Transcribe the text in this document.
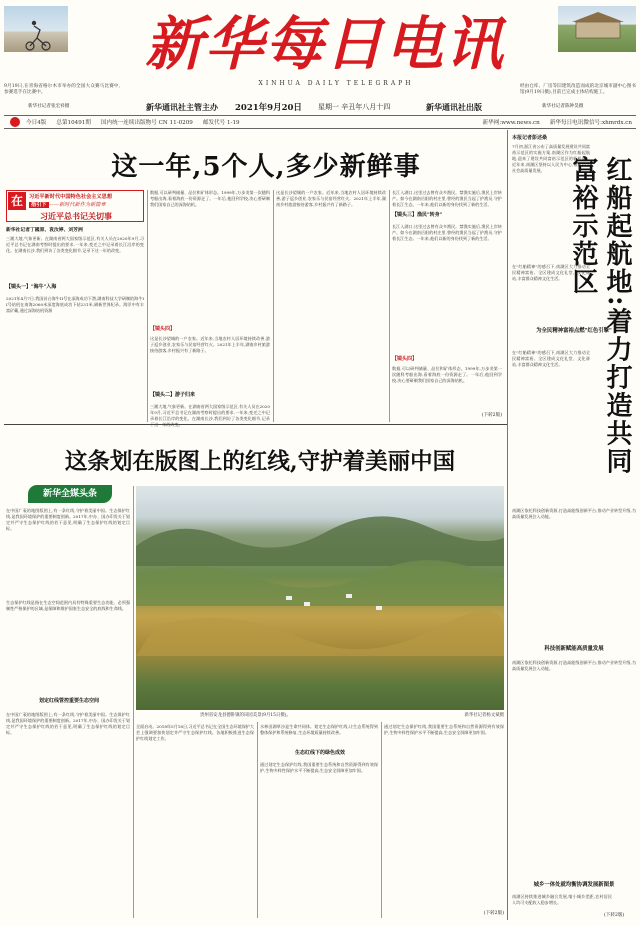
9月19日,在青海省格尔木市举办的全国大众赛马比赛中,参赛选手在比赛中。
新华社记者张宏祥摄
新华每日电讯
XINHUA DAILY TELEGRAPH
新华通讯社主管主办 2021年9月20日 星期一 辛丑年八月十四	新华通讯社出版
经由仓库、厂房等旧建筑改造而成的北京城市副中心图书馆(9月19日摄),目前已完成主体结构施工。
新华社记者陈钟昊摄
今日4版 总第10491期 国内统一连续出版物号 CN 11-0209 邮发代号 1-19	新华网:www.news.cn 新华每日电讯微信号:xhmrdx.cn
这一年,5个人,多少新鲜事
在	习近平新时代中国特色社会主义思想
指引下 ——新时代新作为新篇章
习近平总书记关切事
新华社记者丁國原、袁汝婷、刘芳洲
三湘大地,气象更新。在湖南省两大国家级示范区,有关人员在2020年9月,习近平总书记在湖南考察时提出的要求,一年来,变迁之中记录着长江沿岸的变化。在湖南长沙,我们到访了各类变化细节,记录下这一年的改变。
【镜头一】"海牛"入海
2021年4月7日,我国首台海牛II号在深海成功下潜,湖南科技大学研制的海牛II号钻机在南海2060米深度海底成功下钻231米,刷新世界纪录。海洋中有丰富矿藏,通过深海钻机资源
数据,可以研判储量、品位和矿体形态。1999年,万步炎第一次随科考船出海,看着海底一份资源走了。一年后,他回到学校,决心要研制我们国家自己的深海钻机。
【镜头四】
这是长沙望城的一户农家。近年来,当地农村人居环境持续改善,游子返乡创业,农家乐与民宿经营红火。2021年上半年,湖南乡村旅游接待游客,乡村振兴有了新路子。
【镜头二】游子归来
三湘大地,气象更新。在湖南省两大国家级示范区,有关人员在2020年9月,习近平总书记在湖南考察时提出的要求,一年来,变迁之中记录着长江沿岸的变化。在湖南长沙,我们到访了各类变化细节,记录
这是长沙望城的一户农家。近年来,当地农村人居环境持续改善,游子返乡创业,农家乐与民宿经营红火。2021年上半年,湖南乡村旅游接待游客,乡村振兴有了新路子。
长江入湖口,这里过去曾有众多渔民。禁渔实施后,渔民上岸转产。如今在湖南岳阳的村庄里,曾经的渔民当起了护渔员,守护着长江生态。一年来,他们以新的身份找到了新的生活。
【镜头三】渔民"转身"
长江入湖口,这里过去曾有众多渔民。禁渔实施后,渔民上岸转产。如今在湖南岳阳的村庄里,曾经的渔民当起了护渔员,守护着长江生态。一年来,他们以新的身份找到了新的生活。
【镜头四】
数据,可以研判储量、品位和矿体形态。1999年,万步炎第一次随科考船出海,看着海底一份资源走了。一年后,他回到学校,决心要研制我们国家自己的深海钻机。
(下转2版)
本报记者彭述桑
7月初,浙江省公布了高质量发展建设共同富裕示范区的实施方案,南湖区作为红船起航地,迎来了建设共同富裕示范区的新机遇。近年来,南湖区坚持以人民为中心,推进经济社会高质量发展。	红船起航地:着力打造共同富裕示范区
在"红船精神"的感召下,南湖区大力推动全民精神富裕。全区建成文化礼堂、文化驿站,丰富群众精神文化生活。
为全民精神富裕点燃"红色引擎"
在"红船精神"的感召下,南湖区大力推动全民精神富裕。全区建成文化礼堂、文化驿站,丰富群众精神文化生活。
南湖区依托科技创新资源,打造高能级创新平台,推动产业转型升级,为高质量发展注入动能。
科技创新赋能高质量发展
南湖区依托科技创新资源,打造高能级创新平台,推动产业转型升级,为高质量发展注入动能。
城乡一体处就均衡协调发展新图景
南湖区持续推进城乡融合发展,缩小城乡差距,农村居民人均可支配收入稳步增长。
(下转2版)
这条划在版图上的红线,守护着美丽中国
新华全媒头条
在中国广袤的地图版图上,有一条红线,守护着美丽中国。生态保护红线,是我国环境保护的重要制度创新。2017年,中办、国办印发关于划定并严守生态保护红线的若干意见,明确了生态保护红线的划定目标。
生态保护红线是指在生态空间范围内具有特殊重要生态功能、必须强制性严格保护的区域,是保障和维护国家生态安全的底线和生命线。
划定红线管控重要生态空间
在中国广袤的地图版图上,有一条红线,守护着美丽中国。生态保护红线,是我国环境保护的重要制度创新。2017年,中办、国办印发关于划定并严守生态保护红线的若干意见,明确了生态保护红线的划定目标。
贵州省安龙县德卧镇的田园美景(9月15日摄)。	新华社记者杨文斌摄
全面启动。2018年5月18日,习近平总书记在全国生态环境保护大会上强调要加快划定并严守生态保护红线。各地积极推进生态保护红线划定工作。
水林田湖草沙是生命共同体。划定生态保护红线,让生态系统得到整体保护和系统修复,生态环境质量持续改善。
生态红线下的绿色成效
通过划定生态保护红线,我国重要生态系统和自然资源得到有效保护,生物多样性保护水平不断提高,生态安全屏障更加牢固。
通过划定生态保护红线,我国重要生态系统和自然资源得到有效保护,生物多样性保护水平不断提高,生态安全屏障更加牢固。
(下转2版)
